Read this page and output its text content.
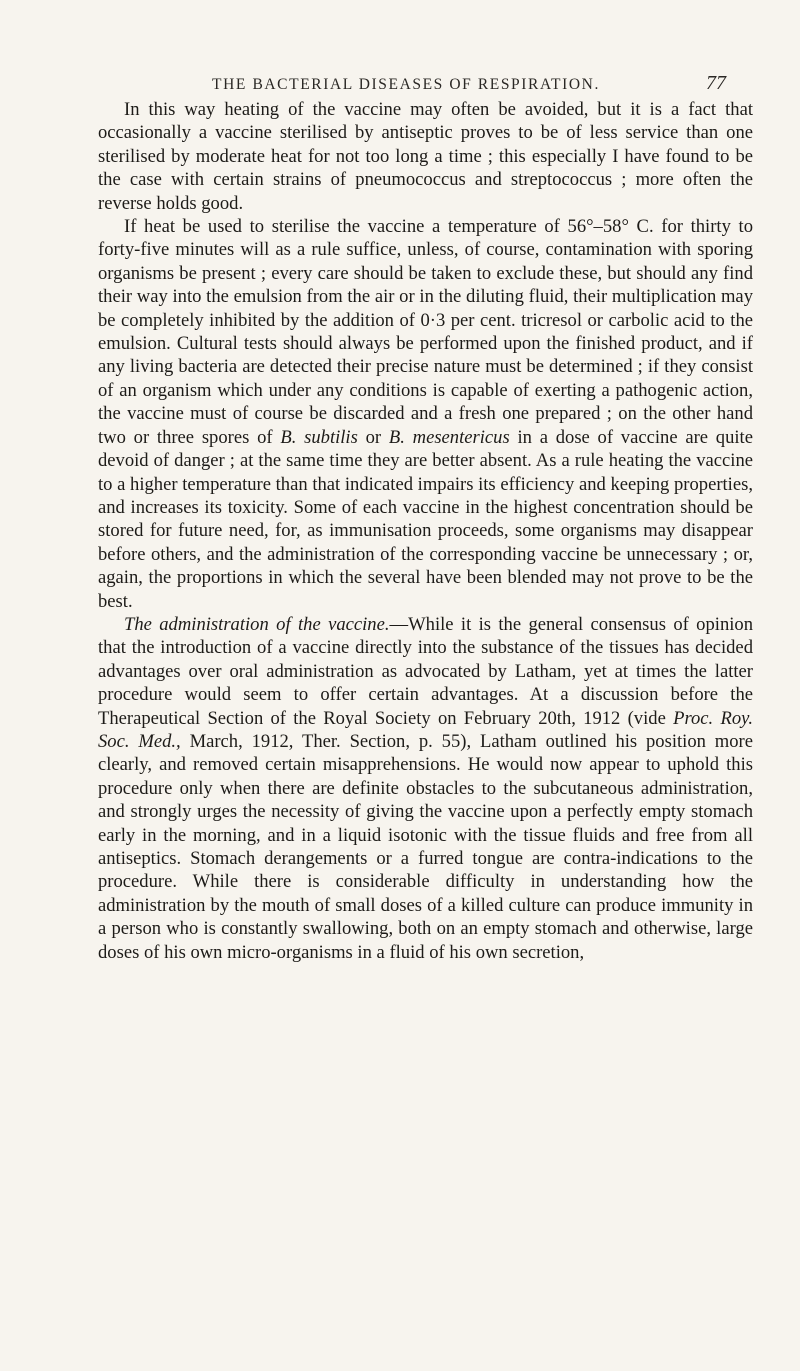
THE BACTERIAL DISEASES OF RESPIRATION.	77

In this way heating of the vaccine may often be avoided, but it is a fact that occasionally a vaccine sterilised by antiseptic proves to be of less service than one sterilised by moderate heat for not too long a time ; this especially I have found to be the case with certain strains of pneumococcus and streptococcus ; more often the reverse holds good.

If heat be used to sterilise the vaccine a temperature of 56°–58° C. for thirty to forty-five minutes will as a rule suffice, unless, of course, contamination with sporing organisms be present ; every care should be taken to exclude these, but should any find their way into the emulsion from the air or in the diluting fluid, their multiplication may be completely inhibited by the addition of 0·3 per cent. tricresol or carbolic acid to the emulsion. Cultural tests should always be performed upon the finished product, and if any living bacteria are detected their precise nature must be determined ; if they consist of an organism which under any conditions is capable of exerting a pathogenic action, the vaccine must of course be discarded and a fresh one prepared ; on the other hand two or three spores of B. subtilis or B. mesentericus in a dose of vaccine are quite devoid of danger ; at the same time they are better absent. As a rule heating the vaccine to a higher temperature than that indicated impairs its efficiency and keeping properties, and increases its toxicity. Some of each vaccine in the highest concentration should be stored for future need, for, as immunisation proceeds, some organisms may disappear before others, and the administration of the corresponding vaccine be unnecessary ; or, again, the proportions in which the several have been blended may not prove to be the best.

The administration of the vaccine.—While it is the general consensus of opinion that the introduction of a vaccine directly into the substance of the tissues has decided advantages over oral administration as advocated by Latham, yet at times the latter procedure would seem to offer certain advantages. At a discussion before the Therapeutical Section of the Royal Society on February 20th, 1912 (vide Proc. Roy. Soc. Med., March, 1912, Ther. Section, p. 55), Latham outlined his position more clearly, and removed certain misapprehensions. He would now appear to uphold this procedure only when there are definite obstacles to the subcutaneous administration, and strongly urges the necessity of giving the vaccine upon a perfectly empty stomach early in the morning, and in a liquid isotonic with the tissue fluids and free from all antiseptics. Stomach derangements or a furred tongue are contra-indications to the procedure. While there is considerable difficulty in understanding how the administration by the mouth of small doses of a killed culture can produce immunity in a person who is constantly swallowing, both on an empty stomach and otherwise, large doses of his own micro-organisms in a fluid of his own secretion,
